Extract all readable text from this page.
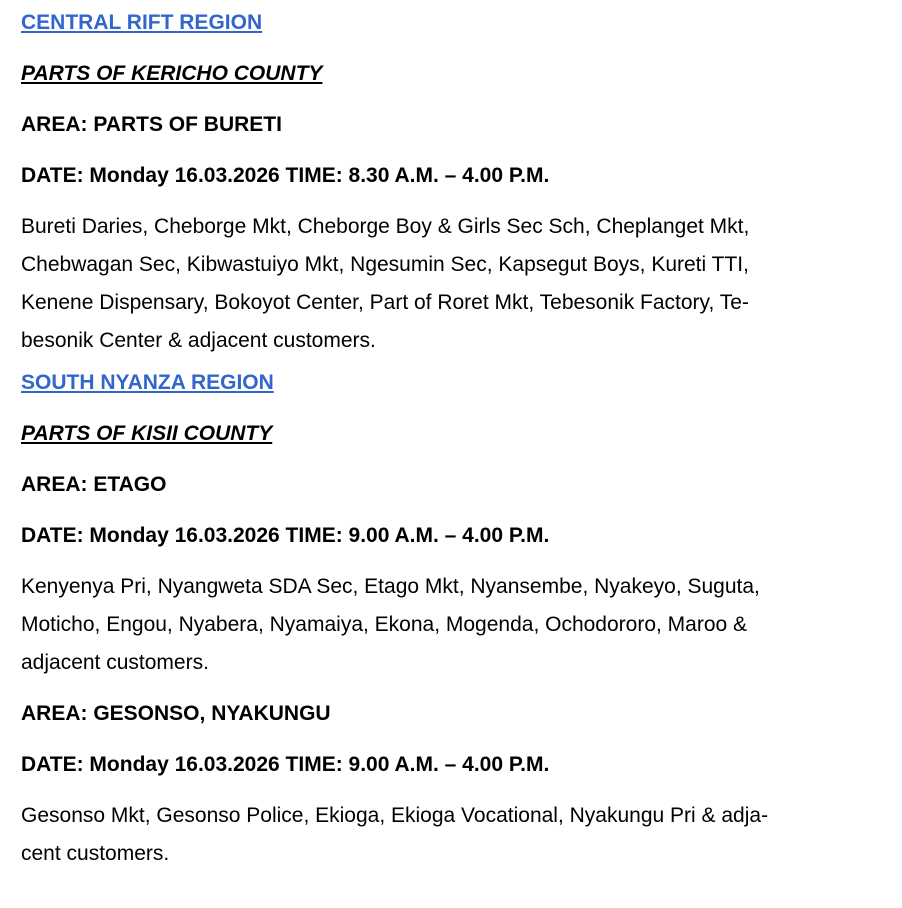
CENTRAL RIFT REGION
PARTS OF KERICHO COUNTY
AREA: PARTS OF BURETI
DATE: Monday 16.03.2026 TIME: 8.30 A.M. – 4.00 P.M.
Bureti Daries, Cheborge Mkt, Cheborge Boy & Girls Sec Sch, Cheplanget Mkt,
Chebwagan Sec, Kibwastuiyo Mkt, Ngesumin Sec, Kapsegut Boys, Kureti TTI,
Kenene Dispensary, Bokoyot Center, Part of Roret Mkt, Tebesonik Factory, Te-
besonik Center & adjacent customers.
SOUTH NYANZA REGION
PARTS OF KISII COUNTY
AREA: ETAGO
DATE: Monday 16.03.2026 TIME: 9.00 A.M. – 4.00 P.M.
Kenyenya Pri, Nyangweta SDA Sec, Etago Mkt, Nyansembe, Nyakeyo, Suguta,
Moticho, Engou, Nyabera, Nyamaiya, Ekona, Mogenda, Ochodororo, Maroo &
adjacent customers.
AREA: GESONSO, NYAKUNGU
DATE: Monday 16.03.2026 TIME: 9.00 A.M. – 4.00 P.M.
Gesonso Mkt, Gesonso Police, Ekioga, Ekioga Vocational, Nyakungu Pri & adja-
cent customers.
